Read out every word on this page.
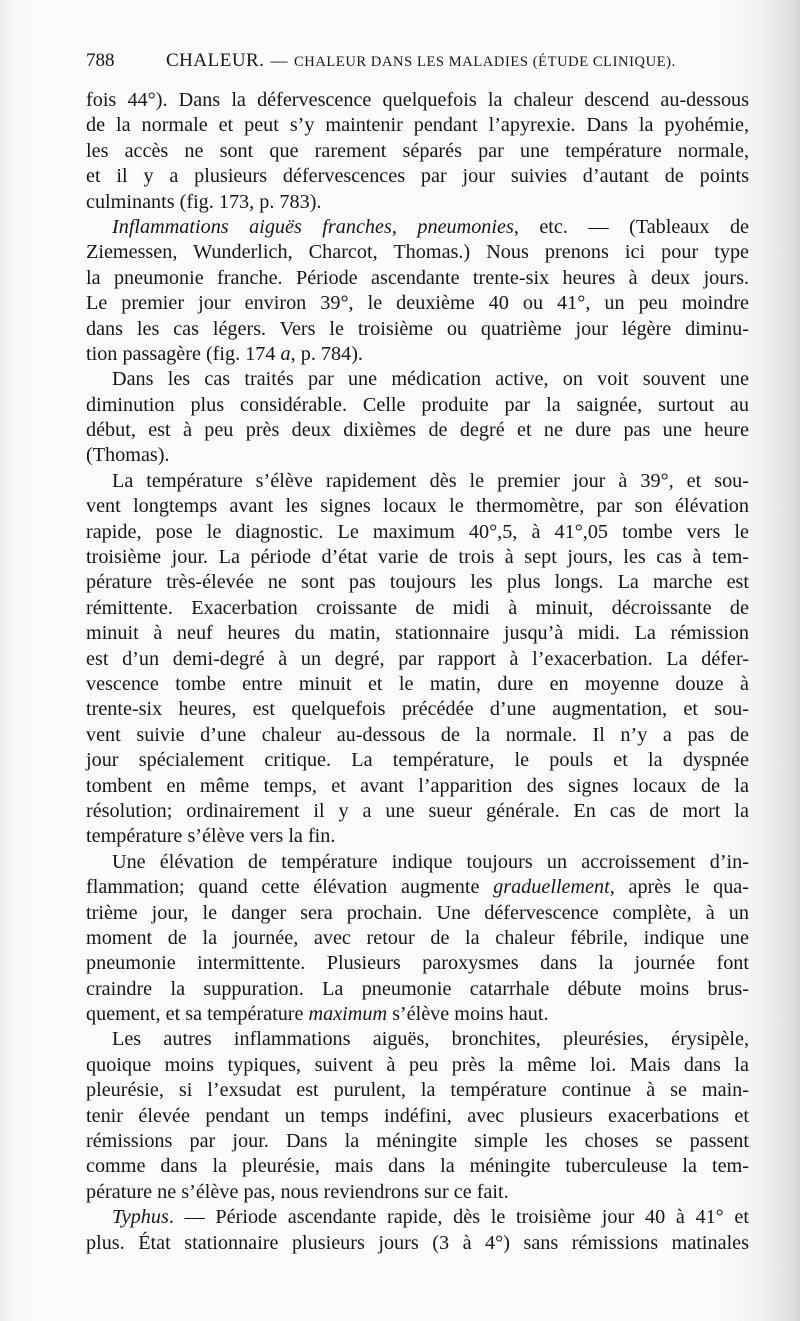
788	CHALEUR. — CHALEUR DANS LES MALADIES (ÉTUDE CLINIQUE).
fois 44°). Dans la défervescence quelquefois la chaleur descend au-dessous
de la normale et peut s’y maintenir pendant l’apyrexie. Dans la pyohémie,
les accès ne sont que rarement séparés par une température normale,
et il y a plusieurs défervescences par jour suivies d’autant de points
culminants (fig. 173, p. 783).
Inflammations aiguës franches, pneumonies, etc. — (Tableaux de
Ziemessen, Wunderlich, Charcot, Thomas.) Nous prenons ici pour type
la pneumonie franche. Période ascendante trente-six heures à deux jours.
Le premier jour environ 39°, le deuxième 40 ou 41°, un peu moindre
dans les cas légers. Vers le troisième ou quatrième jour légère diminu-
tion passagère (fig. 174 a, p. 784).
Dans les cas traités par une médication active, on voit souvent une
diminution plus considérable. Celle produite par la saignée, surtout au
début, est à peu près deux dixièmes de degré et ne dure pas une heure
(Thomas).
La température s’élève rapidement dès le premier jour à 39°, et sou-
vent longtemps avant les signes locaux le thermomètre, par son élévation
rapide, pose le diagnostic. Le maximum 40°,5, à 41°,05 tombe vers le
troisième jour. La période d’état varie de trois à sept jours, les cas à tem-
pérature très-élevée ne sont pas toujours les plus longs. La marche est
rémittente. Exacerbation croissante de midi à minuit, décroissante de
minuit à neuf heures du matin, stationnaire jusqu’à midi. La rémission
est d’un demi-degré à un degré, par rapport à l’exacerbation. La défer-
vescence tombe entre minuit et le matin, dure en moyenne douze à
trente-six heures, est quelquefois précédée d’une augmentation, et sou-
vent suivie d’une chaleur au-dessous de la normale. Il n’y a pas de
jour spécialement critique. La température, le pouls et la dyspnée
tombent en même temps, et avant l’apparition des signes locaux de la
résolution; ordinairement il y a une sueur générale. En cas de mort la
température s’élève vers la fin.
Une élévation de température indique toujours un accroissement d’in-
flammation; quand cette élévation augmente graduellement, après le qua-
trième jour, le danger sera prochain. Une défervescence complète, à un
moment de la journée, avec retour de la chaleur fébrile, indique une
pneumonie intermittente. Plusieurs paroxysmes dans la journée font
craindre la suppuration. La pneumonie catarrhale débute moins brus-
quement, et sa température maximum s’élève moins haut.
Les autres inflammations aiguës, bronchites, pleurésies, érysipèle,
quoique moins typiques, suivent à peu près la même loi. Mais dans la
pleurésie, si l’exsudat est purulent, la température continue à se main-
tenir élevée pendant un temps indéfini, avec plusieurs exacerbations et
rémissions par jour. Dans la méningite simple les choses se passent
comme dans la pleurésie, mais dans la méningite tuberculeuse la tem-
pérature ne s’élève pas, nous reviendrons sur ce fait.
Typhus. — Période ascendante rapide, dès le troisième jour 40 à 41° et
plus. État stationnaire plusieurs jours (3 à 4°) sans rémissions matinales
